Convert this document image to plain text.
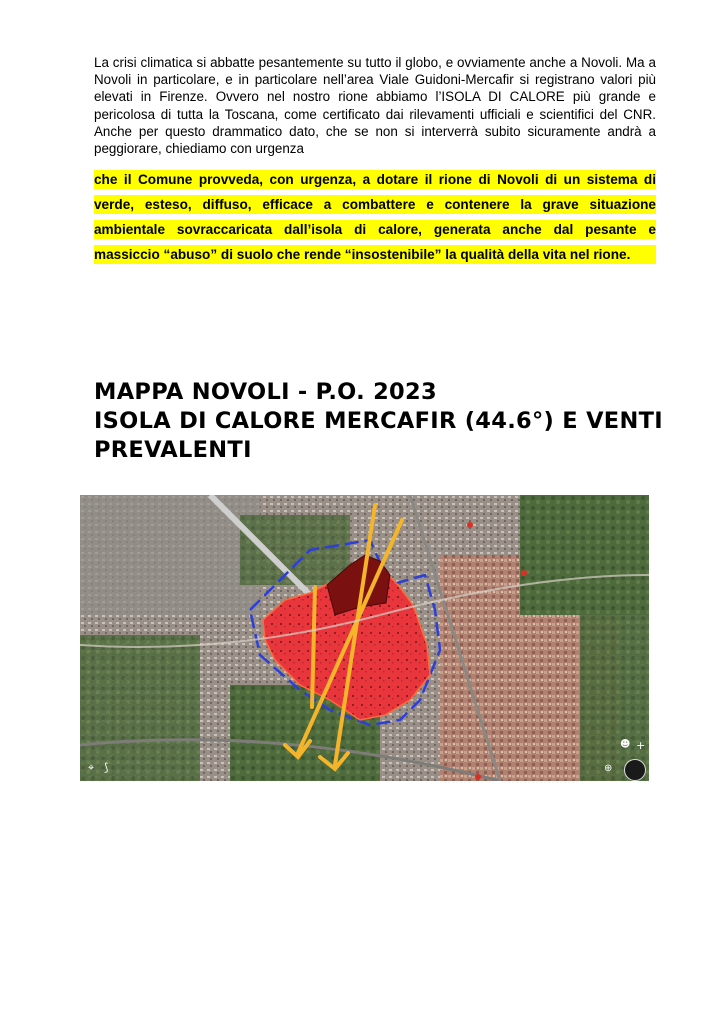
La crisi climatica si abbatte pesantemente su tutto il globo, e ovviamente anche a Novoli. Ma a Novoli in particolare, e in particolare nell’area Viale Guidoni-Mercafir si registrano valori più elevati in Firenze. Ovvero nel nostro rione abbiamo l’ISOLA DI CALORE più grande e pericolosa di tutta la Toscana, come certificato dai rilevamenti ufficiali e scientifici del CNR. Anche per questo drammatico dato, che se non si interverrà subito sicuramente andrà a peggiorare, chiediamo con urgenza

che il Comune provveda, con urgenza, a dotare il rione di Novoli di un sistema di
verde, esteso, diffuso, efficace a combattere e contenere la grave situazione
ambientale sovraccaricata dall’isola di calore, generata anche dal pesante e
massiccio “abuso” di suolo che rende “insostenibile” la qualità della vita nel rione.
MAPPA NOVOLI - P.O. 2023
ISOLA DI CALORE MERCAFIR (44.6°) E VENTI
PREVALENTI
⌖ ⟆
☻ +
⊕
